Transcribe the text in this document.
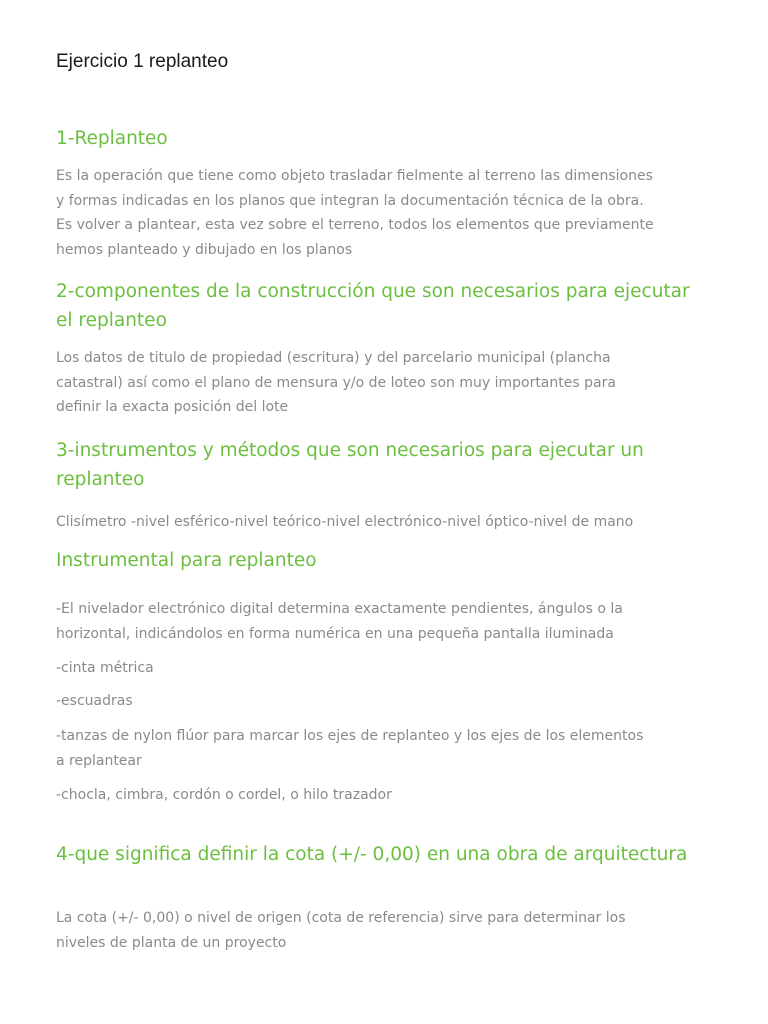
Ejercicio 1 replanteo
1-Replanteo

Es la operación que tiene como objeto trasladar fielmente al terreno las dimensiones
y formas indicadas en los planos que integran la documentación técnica de la obra.
Es volver a plantear, esta vez sobre el terreno, todos los elementos que previamente
hemos planteado y dibujado en los planos

2-componentes de la construcción que son necesarios para ejecutar
el replanteo

Los datos de titulo de propiedad (escritura) y del parcelario municipal (plancha
catastral) así como el plano de mensura y/o de loteo son muy importantes para
definir la exacta posición del lote

3-instrumentos y métodos que son necesarios para ejecutar un
replanteo

Clisímetro -nivel esférico-nivel teórico-nivel electrónico-nivel óptico-nivel de mano

Instrumental para replanteo

-El nivelador electrónico digital determina exactamente pendientes, ángulos o la
horizontal, indicándolos en forma numérica en una pequeña pantalla iluminada

-cinta métrica

-escuadras

-tanzas de nylon flúor para marcar los ejes de replanteo y los ejes de los elementos
a replantear

-chocla, cimbra, cordón o cordel, o hilo trazador

4-que significa definir la cota (+/- 0,00) en una obra de arquitectura

La cota (+/- 0,00) o nivel de origen (cota de referencia) sirve para determinar los
niveles de planta de un proyecto
